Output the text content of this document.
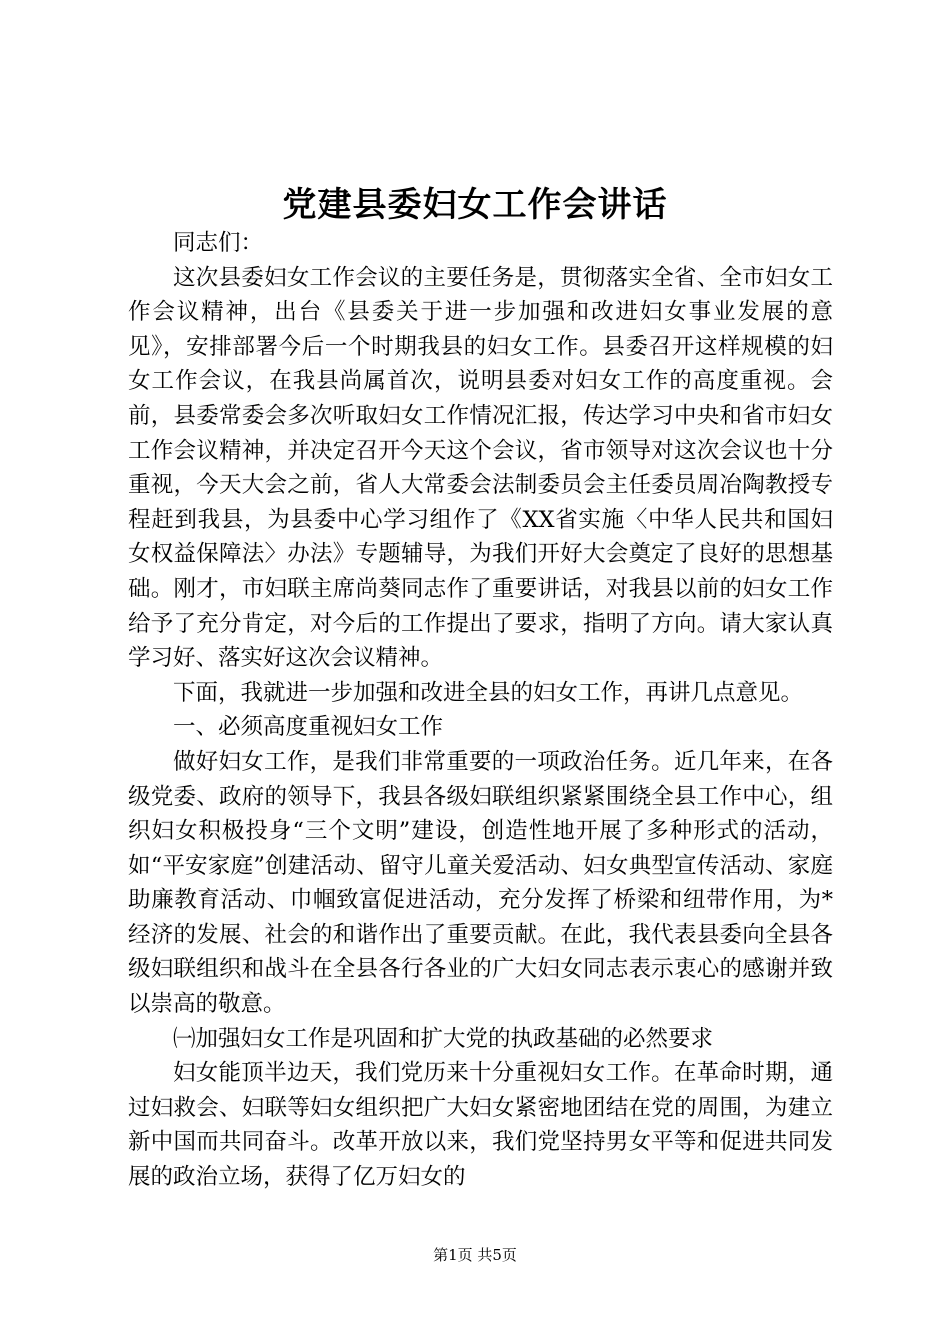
党建县委妇女工作会讲话

同志们：

这次县委妇女工作会议的主要任务是，贯彻落实全省、全市妇女工作会议精神，出台《县委关于进一步加强和改进妇女事业发展的意见》，安排部署今后一个时期我县的妇女工作。县委召开这样规模的妇女工作会议，在我县尚属首次，说明县委对妇女工作的高度重视。会前，县委常委会多次听取妇女工作情况汇报，传达学习中央和省市妇女工作会议精神，并决定召开今天这个会议，省市领导对这次会议也十分重视，今天大会之前，省人大常委会法制委员会主任委员周冶陶教授专程赶到我县，为县委中心学习组作了《XX省实施〈中华人民共和国妇女权益保障法〉办法》专题辅导，为我们开好大会奠定了良好的思想基础。刚才，市妇联主席尚葵同志作了重要讲话，对我县以前的妇女工作给予了充分肯定，对今后的工作提出了要求，指明了方向。请大家认真学习好、落实好这次会议精神。

下面，我就进一步加强和改进全县的妇女工作，再讲几点意见。

一、必须高度重视妇女工作

做好妇女工作，是我们非常重要的一项政治任务。近几年来，在各级党委、政府的领导下，我县各级妇联组织紧紧围绕全县工作中心，组织妇女积极投身“三个文明”建设，创造性地开展了多种形式的活动，如“平安家庭”创建活动、留守儿童关爱活动、妇女典型宣传活动、家庭助廉教育活动、巾帼致富促进活动，充分发挥了桥梁和纽带作用，为*经济的发展、社会的和谐作出了重要贡献。在此，我代表县委向全县各级妇联组织和战斗在全县各行各业的广大妇女同志表示衷心的感谢并致以崇高的敬意。

㈠加强妇女工作是巩固和扩大党的执政基础的必然要求

妇女能顶半边天，我们党历来十分重视妇女工作。在革命时期，通过妇救会、妇联等妇女组织把广大妇女紧密地团结在党的周围，为建立新中国而共同奋斗。改革开放以来，我们党坚持男女平等和促进共同发展的政治立场，获得了亿万妇女的

第1页 共5页
